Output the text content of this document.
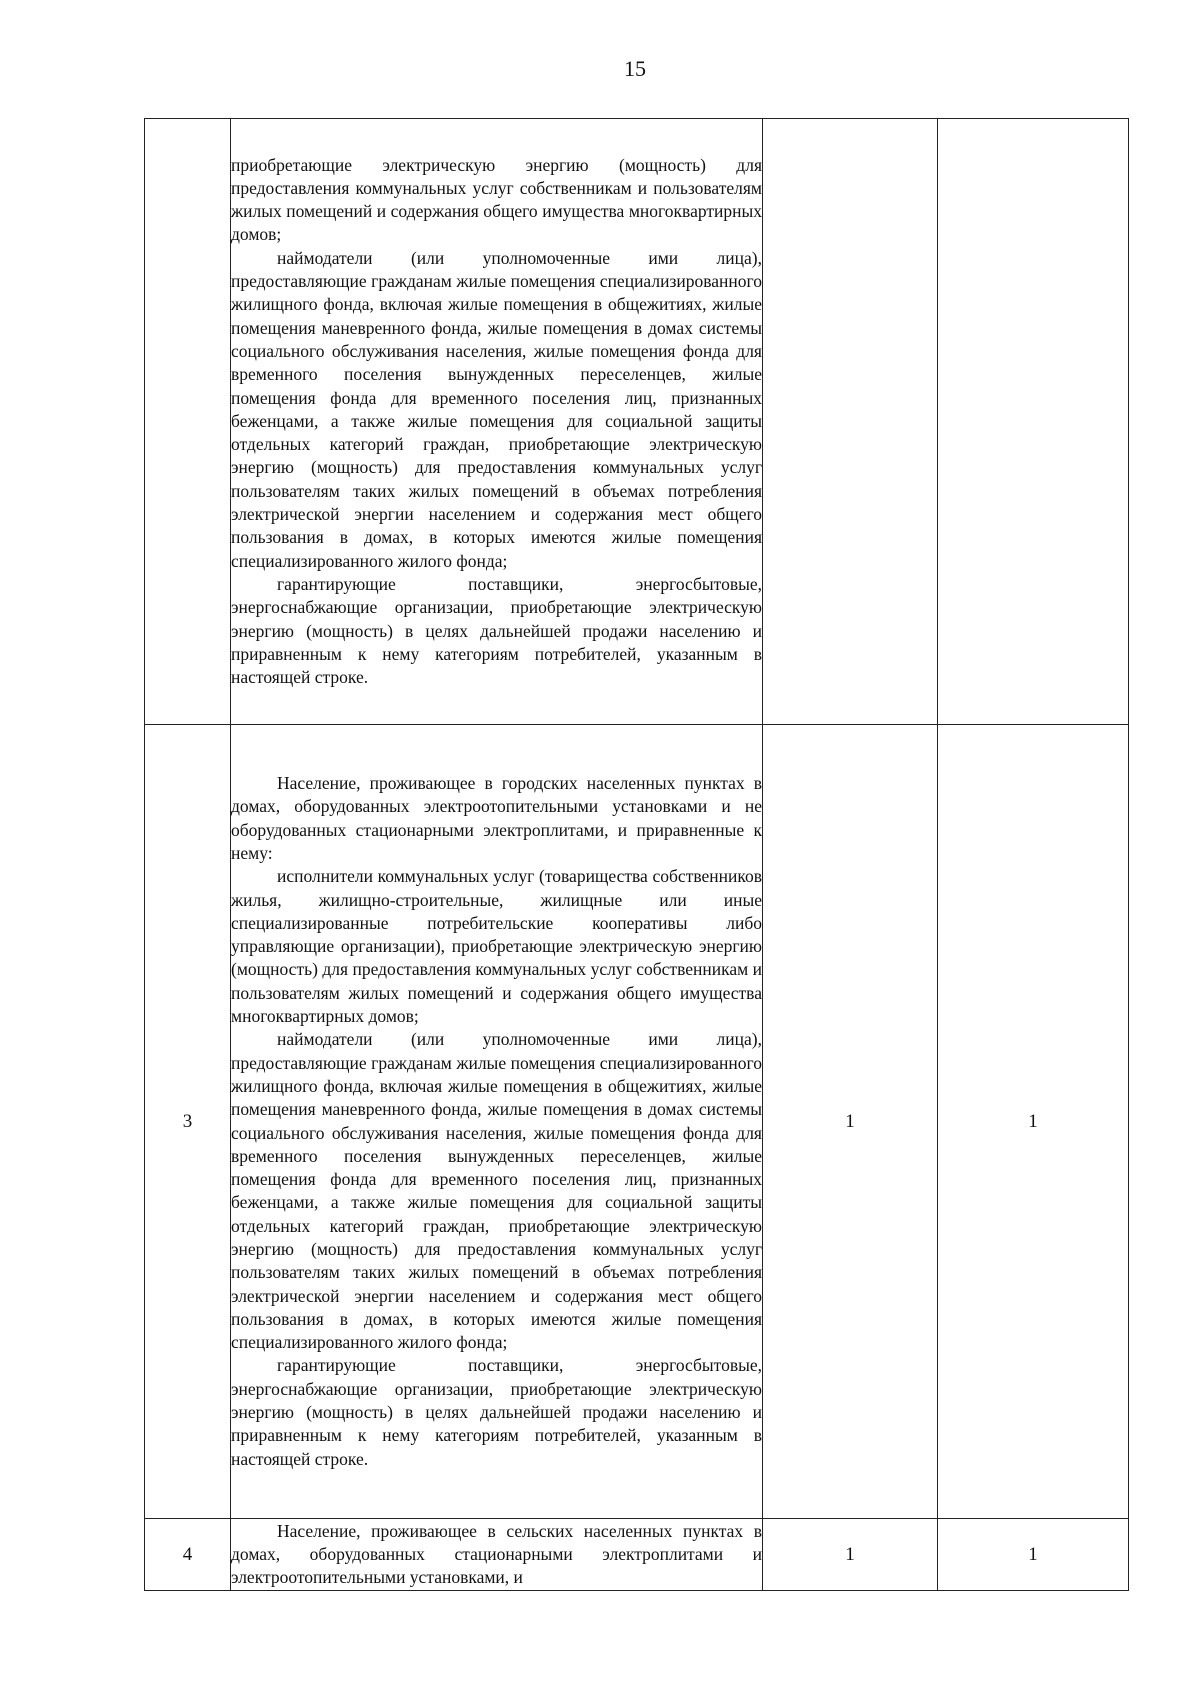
15

	приобретающие электрическую энергию (мощность) для предоставления коммунальных услуг собственникам и пользователям жилых помещений и содержания общего имущества многоквартирных домов;
наймодатели (или уполномоченные ими лица), предоставляющие гражданам жилые помещения специализированного жилищного фонда, включая жилые помещения в общежитиях, жилые помещения маневренного фонда, жилые помещения в домах системы социального обслуживания населения, жилые помещения фонда для временного поселения вынужденных переселенцев, жилые помещения фонда для временного поселения лиц, признанных беженцами, а также жилые помещения для социальной защиты отдельных категорий граждан, приобретающие электрическую энергию (мощность) для предоставления коммунальных услуг пользователям таких жилых помещений в объемах потребления электрической энергии населением и содержания мест общего пользования в домах, в которых имеются жилые помещения специализированного жилого фонда;
гарантирующие поставщики, энергосбытовые, энергоснабжающие организации, приобретающие электрическую энергию (мощность) в целях дальнейшей продажи населению и приравненным к нему категориям потребителей, указанным в настоящей строке.		

3	Население, проживающее в городских населенных пунктах в домах, оборудованных электроотопительными установками и не оборудованных стационарными электроплитами, и приравненные к нему:
исполнители коммунальных услуг (товарищества собственников жилья, жилищно-строительные, жилищные или иные специализированные потребительские кооперативы либо управляющие организации), приобретающие электрическую энергию (мощность) для предоставления коммунальных услуг собственникам и пользователям жилых помещений и содержания общего имущества многоквартирных домов;
наймодатели (или уполномоченные ими лица), предоставляющие гражданам жилые помещения специализированного жилищного фонда, включая жилые помещения в общежитиях, жилые помещения маневренного фонда, жилые помещения в домах системы социального обслуживания населения, жилые помещения фонда для временного поселения вынужденных переселенцев, жилые помещения фонда для временного поселения лиц, признанных беженцами, а также жилые помещения для социальной защиты отдельных категорий граждан, приобретающие электрическую энергию (мощность) для предоставления коммунальных услуг пользователям таких жилых помещений в объемах потребления электрической энергии населением и содержания мест общего пользования в домах, в которых имеются жилые помещения специализированного жилого фонда;
гарантирующие поставщики, энергосбытовые, энергоснабжающие организации, приобретающие электрическую энергию (мощность) в целях дальнейшей продажи населению и приравненным к нему категориям потребителей, указанным в настоящей строке.	1	1
4	Население, проживающее в сельских населенных пунктах в домах, оборудованных стационарными электроплитами и электроотопительными установками, и	1	1
